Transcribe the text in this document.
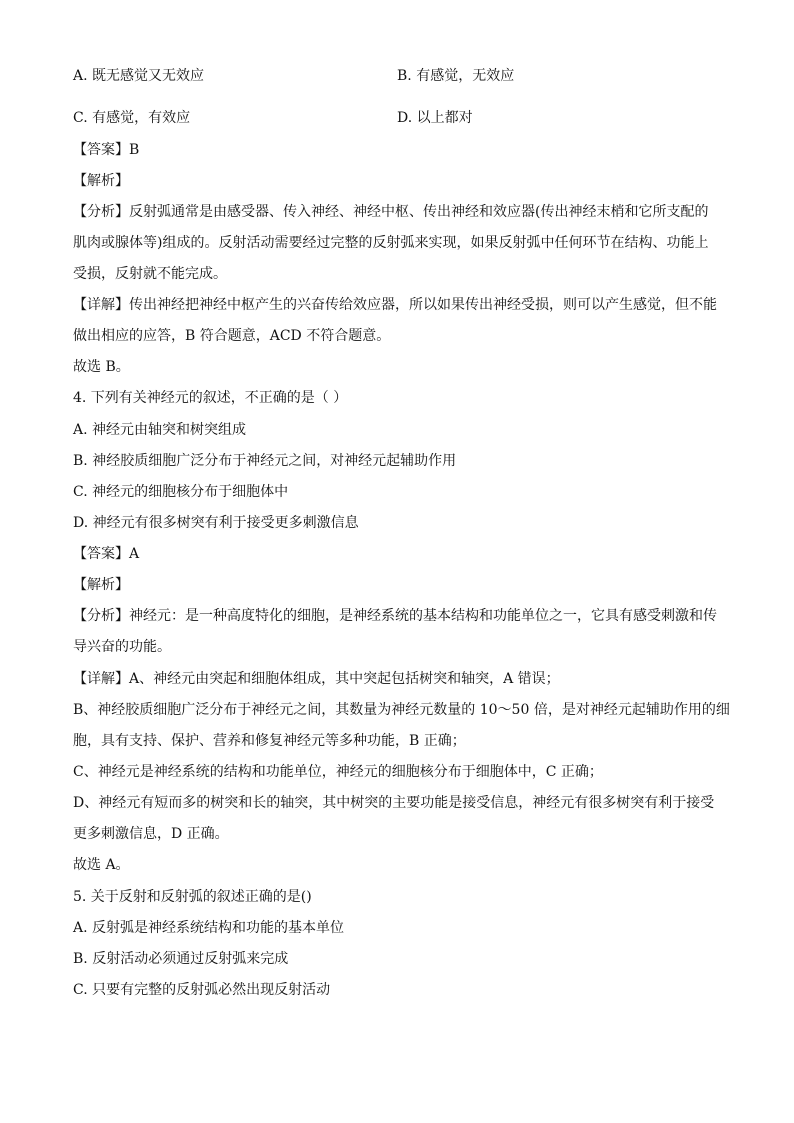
A. 既无感觉又无效应	B. 有感觉，无效应
C. 有感觉，有效应	D. 以上都对
【答案】B
【解析】
【分析】反射弧通常是由感受器、传入神经、神经中枢、传出神经和效应器(传出神经末梢和它所支配的
肌肉或腺体等)组成的。反射活动需要经过完整的反射弧来实现，如果反射弧中任何环节在结构、功能上
受损，反射就不能完成。
【详解】传出神经把神经中枢产生的兴奋传给效应器，所以如果传出神经受损，则可以产生感觉，但不能
做出相应的应答，B 符合题意，ACD 不符合题意。
故选 B。
4. 下列有关神经元的叙述，不正确的是（ ）
A. 神经元由轴突和树突组成
B. 神经胶质细胞广泛分布于神经元之间，对神经元起辅助作用
C. 神经元的细胞核分布于细胞体中
D. 神经元有很多树突有利于接受更多刺激信息
【答案】A
【解析】
【分析】神经元：是一种高度特化的细胞，是神经系统的基本结构和功能单位之一，它具有感受刺激和传
导兴奋的功能。
【详解】A、神经元由突起和细胞体组成，其中突起包括树突和轴突，A 错误；
B、神经胶质细胞广泛分布于神经元之间，其数量为神经元数量的 10～50 倍，是对神经元起辅助作用的细
胞，具有支持、保护、营养和修复神经元等多种功能，B 正确；
C、神经元是神经系统的结构和功能单位，神经元的细胞核分布于细胞体中，C 正确；
D、神经元有短而多的树突和长的轴突，其中树突的主要功能是接受信息，神经元有很多树突有利于接受
更多刺激信息，D 正确。
故选 A。
5. 关于反射和反射弧的叙述正确的是()
A. 反射弧是神经系统结构和功能的基本单位
B. 反射活动必须通过反射弧来完成
C. 只要有完整的反射弧必然出现反射活动
